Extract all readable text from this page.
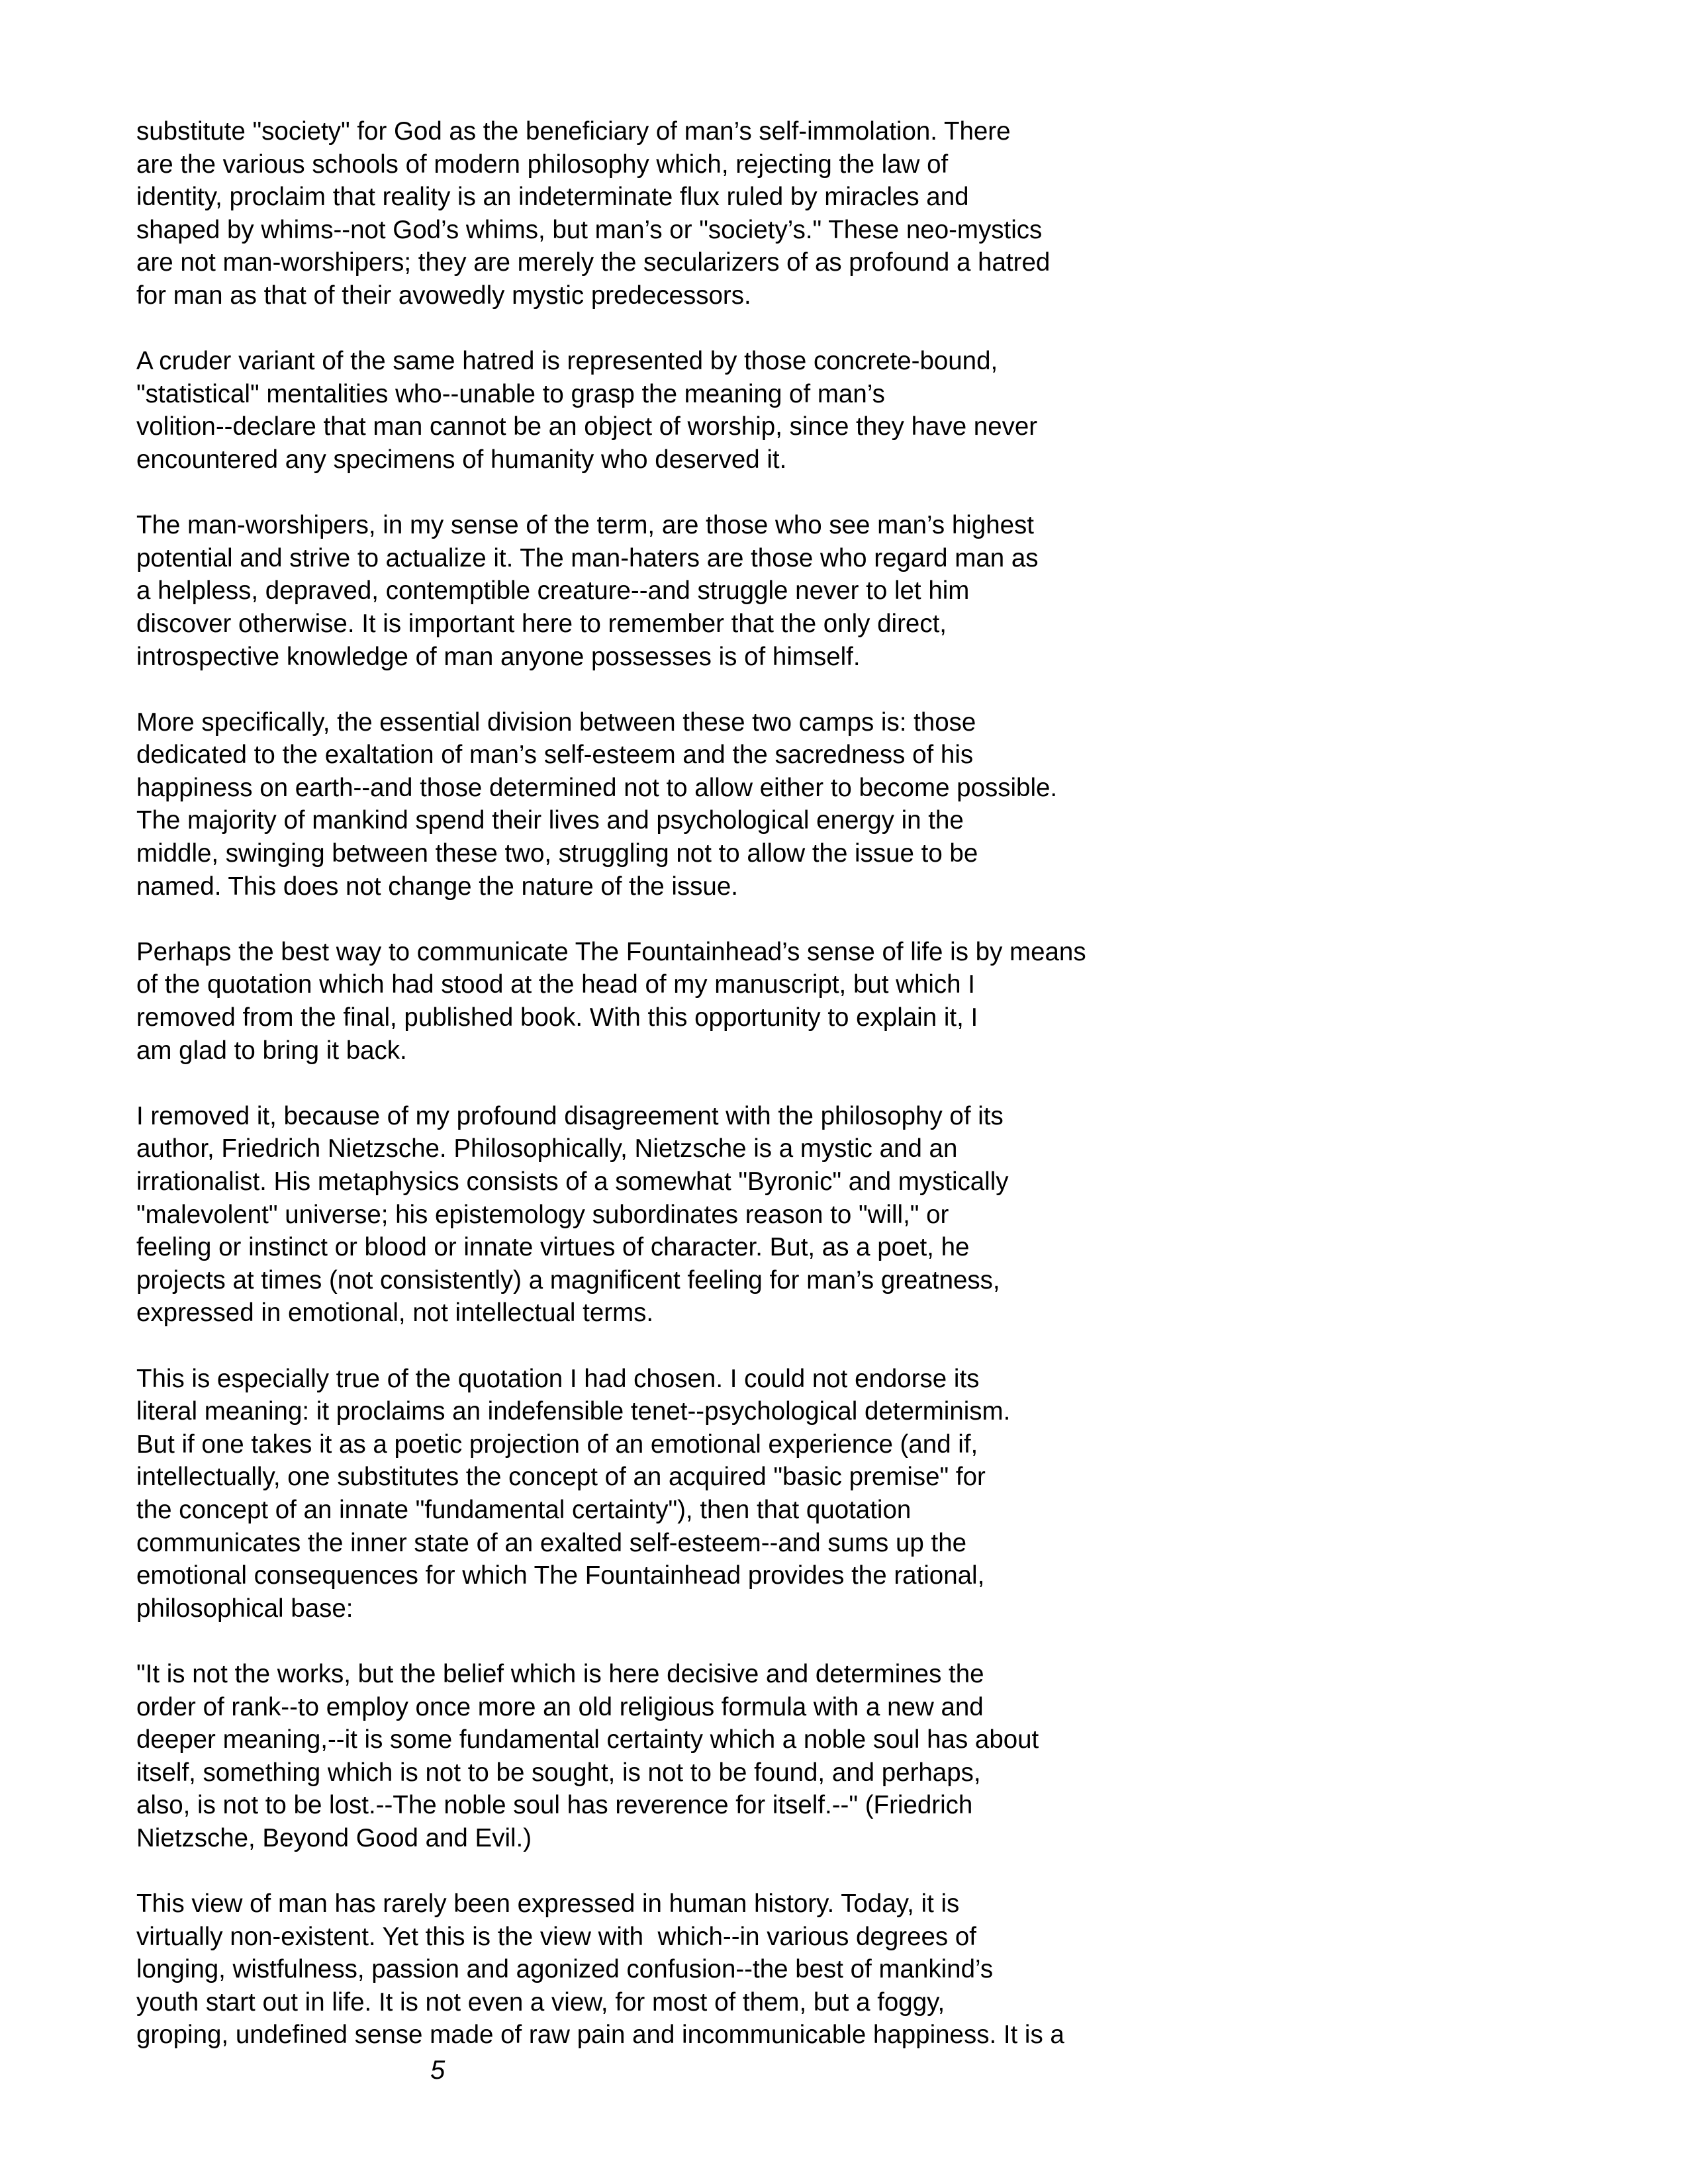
substitute "society" for God as the beneficiary of man’s self-immolation. There
are the various schools of modern philosophy which, rejecting the law of
identity, proclaim that reality is an indeterminate flux ruled by miracles and
shaped by whims--not God’s whims, but man’s or "society’s." These neo-mystics
are not man-worshipers; they are merely the secularizers of as profound a hatred
for man as that of their avowedly mystic predecessors.
A cruder variant of the same hatred is represented by those concrete-bound,
"statistical" mentalities who--unable to grasp the meaning of man’s
volition--declare that man cannot be an object of worship, since they have never
encountered any specimens of humanity who deserved it.
The man-worshipers, in my sense of the term, are those who see man’s highest
potential and strive to actualize it. The man-haters are those who regard man as
a helpless, depraved, contemptible creature--and struggle never to let him
discover otherwise. It is important here to remember that the only direct,
introspective knowledge of man anyone possesses is of himself.
More specifically, the essential division between these two camps is: those
dedicated to the exaltation of man’s self-esteem and the sacredness of his
happiness on earth--and those determined not to allow either to become possible.
The majority of mankind spend their lives and psychological energy in the
middle, swinging between these two, struggling not to allow the issue to be
named. This does not change the nature of the issue.
Perhaps the best way to communicate The Fountainhead’s sense of life is by means
of the quotation which had stood at the head of my manuscript, but which I
removed from the final, published book. With this opportunity to explain it, I
am glad to bring it back.
I removed it, because of my profound disagreement with the philosophy of its
author, Friedrich Nietzsche. Philosophically, Nietzsche is a mystic and an
irrationalist. His metaphysics consists of a somewhat "Byronic" and mystically
"malevolent" universe; his epistemology subordinates reason to "will," or
feeling or instinct or blood or innate virtues of character. But, as a poet, he
projects at times (not consistently) a magnificent feeling for man’s greatness,
expressed in emotional, not intellectual terms.
This is especially true of the quotation I had chosen. I could not endorse its
literal meaning: it proclaims an indefensible tenet--psychological determinism.
But if one takes it as a poetic projection of an emotional experience (and if,
intellectually, one substitutes the concept of an acquired "basic premise" for
the concept of an innate "fundamental certainty"), then that quotation
communicates the inner state of an exalted self-esteem--and sums up the
emotional consequences for which The Fountainhead provides the rational,
philosophical base:
"It is not the works, but the belief which is here decisive and determines the
order of rank--to employ once more an old religious formula with a new and
deeper meaning,--it is some fundamental certainty which a noble soul has about
itself, something which is not to be sought, is not to be found, and perhaps,
also, is not to be lost.--The noble soul has reverence for itself.--" (Friedrich
Nietzsche, Beyond Good and Evil.)
This view of man has rarely been expressed in human history. Today, it is
virtually non-existent. Yet this is the view with  which--in various degrees of
longing, wistfulness, passion and agonized confusion--the best of mankind’s
youth start out in life. It is not even a view, for most of them, but a foggy,
groping, undefined sense made of raw pain and incommunicable happiness. It is a
5
